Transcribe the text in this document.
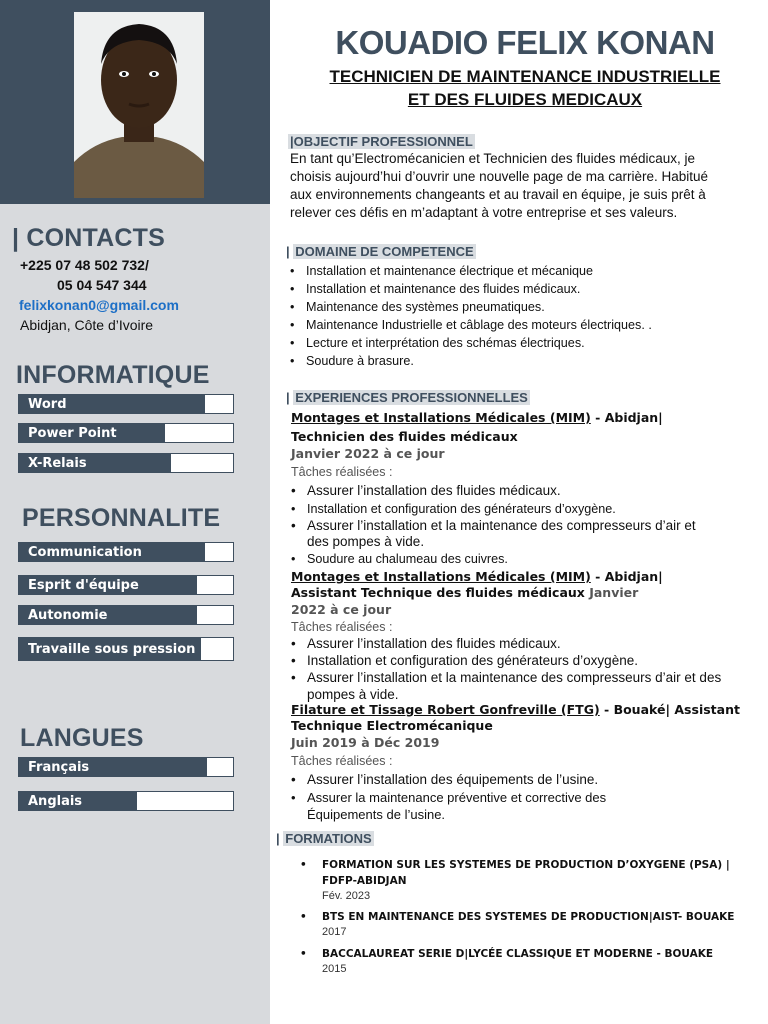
| CONTACTS
+225 07 48 502 732/
05 04 547 344
felixkonan0@gmail.com
Abidjan, Côte d’Ivoire
INFORMATIQUE
Word
Power Point
X-Relais
PERSONNALITE
Communication
Esprit d'équipe
Autonomie
Travaille sous pression
LANGUES
Français
Anglais
KOUADIO FELIX KONAN
TECHNICIEN DE MAINTENANCE INDUSTRIELLE
ET DES FLUIDES MEDICAUX
|OBJECTIF PROFESSIONNEL
En tant qu’Electromécanicien et Technicien des fluides médicaux, je choisis aujourd’hui d’ouvrir une nouvelle page de ma carrière. Habitué aux environnements changeants et au travail en équipe, je suis prêt à relever ces défis en m’adaptant à votre entreprise et ses valeurs.
| DOMAINE DE COMPETENCE
• Installation et maintenance électrique et mécanique
• Installation et maintenance des fluides médicaux.
• Maintenance des systèmes pneumatiques.
• Maintenance Industrielle et câblage des moteurs électriques. .
• Lecture et interprétation des schémas électriques.
• Soudure à brasure.
| EXPERIENCES PROFESSIONNELLES
Montages et Installations Médicales (MIM) - Abidjan|
Technicien des fluides médicaux
Janvier 2022 à ce jour
Tâches réalisées :
• Assurer l’installation des fluides médicaux.
• Installation et configuration des générateurs d’oxygène.
• Assurer l’installation et la maintenance des compresseurs d’air et des pompes à vide.
• Soudure au chalumeau des cuivres.
Montages et Installations Médicales (MIM) - Abidjan|
Assistant Technique des fluides médicaux Janvier
2022 à ce jour
Tâches réalisées :
• Assurer l’installation des fluides médicaux.
• Installation et configuration des générateurs d’oxygène.
• Assurer l’installation et la maintenance des compresseurs d’air et des pompes à vide.
Filature et Tissage Robert Gonfreville (FTG) - Bouaké| Assistant
Technique Electromécanique
Juin 2019 à Déc 2019
Tâches réalisées :
• Assurer l’installation des équipements de l’usine.
• Assurer la maintenance préventive et corrective des Équipements de l’usine.
| FORMATIONS
• FORMATION SUR LES SYSTEMES DE PRODUCTION D’OXYGENE (PSA) | FDFP-ABIDJAN
Fév. 2023
• BTS EN MAINTENANCE DES SYSTEMES DE PRODUCTION|AIST- BOUAKE
2017
• BACCALAUREAT SERIE D|LYCÉE CLASSIQUE ET MODERNE - BOUAKE
2015
